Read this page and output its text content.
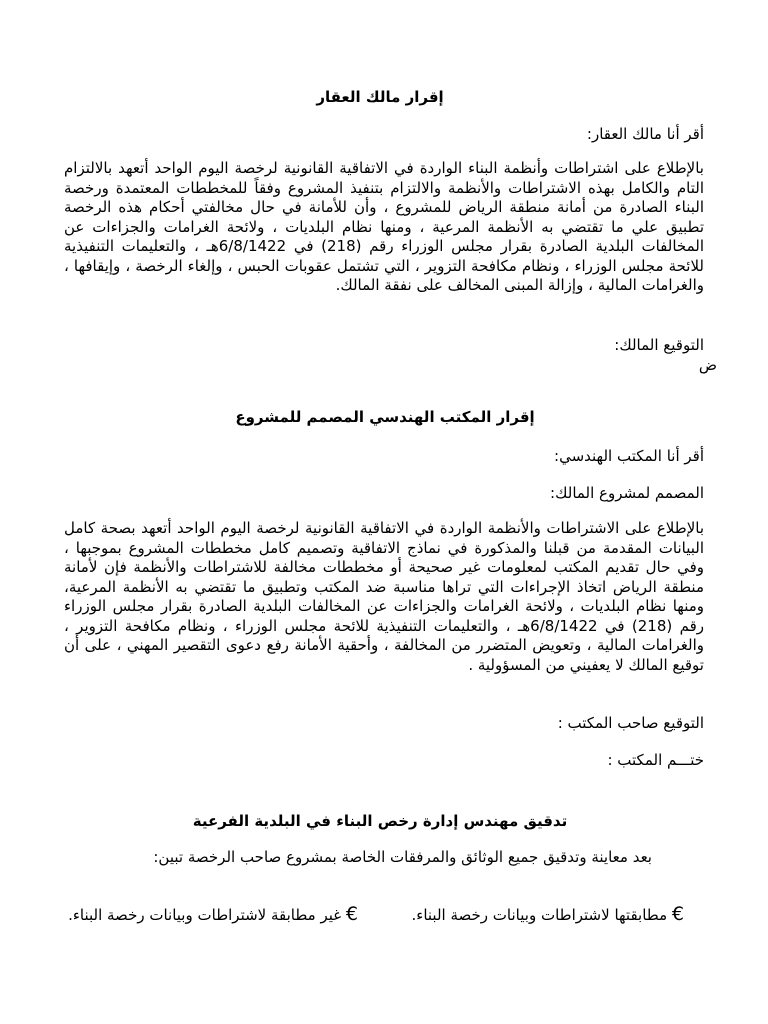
إقرار مالك العقار
أقر أنا مالك العقار:
بالإطلاع على اشتراطات وأنظمة البناء الواردة في الاتفاقية القانونية لرخصة اليوم الواحد أتعهد بالالتزام التام والكامل بهذه الاشتراطات والأنظمة والالتزام بتنفيذ المشروع وفقاً للمخططات المعتمدة ورخصة البناء الصادرة من أمانة منطقة الرياض للمشروع ، وأن للأمانة في حال مخالفتي أحكام هذه الرخصة تطبيق علي ما تقتضي به الأنظمة المرعية ، ومنها نظام البلديات ، ولائحة الغرامات والجزاءات عن المخالفات البلدية الصادرة بقرار مجلس الوزراء رقم (218) في 6/8/1422هـ ، والتعليمات التنفيذية للائحة مجلس الوزراء ، ونظام مكافحة التزوير ، التي تشتمل عقوبات الحبس ، وإلغاء الرخصة ، وإيقافها ، والغرامات المالية ، وإزالة المبنى المخالف على نفقة المالك.
التوقيع المالك:
ض
إقرار المكتب الهندسي المصمم للمشروع
أقر أنا المكتب الهندسي:
المصمم لمشروع المالك:
بالإطلاع على الاشتراطات والأنظمة الواردة في الاتفاقية القانونية لرخصة اليوم الواحد أتعهد بصحة كامل البيانات المقدمة من قبلنا والمذكورة في نماذج الاتفاقية وتصميم كامل مخططات المشروع بموجبها ، وفي حال تقديم المكتب لمعلومات غير صحيحة أو مخططات مخالفة للاشتراطات والأنظمة فإن لأمانة منطقة الرياض اتخاذ الإجراءات التي تراها مناسبة ضد المكتب وتطبيق ما تقتضي به الأنظمة المرعية، ومنها نظام البلديات ، ولائحة الغرامات والجزاءات عن المخالفات البلدية الصادرة بقرار مجلس الوزراء رقم (218) في 6/8/1422هـ ، والتعليمات التنفيذية للائحة مجلس الوزراء ، ونظام مكافحة التزوير ، والغرامات المالية ، وتعويض المتضرر من المخالفة ، وأحقية الأمانة رفع دعوى التقصير المهني ، على أن توقيع المالك لا يعفيني من المسؤولية .
التوقيع صاحب المكتب :
ختـــم المكتب :
تدقيق مهندس إدارة رخص البناء في البلدية الفرعية
بعد معاينة وتدقيق جميع الوثائق والمرفقات الخاصة بمشروع صاحب الرخصة تبين:
€ مطابقتها لاشتراطات وبيانات رخصة البناء.
€ غير مطابقة لاشتراطات وبيانات رخصة البناء.
